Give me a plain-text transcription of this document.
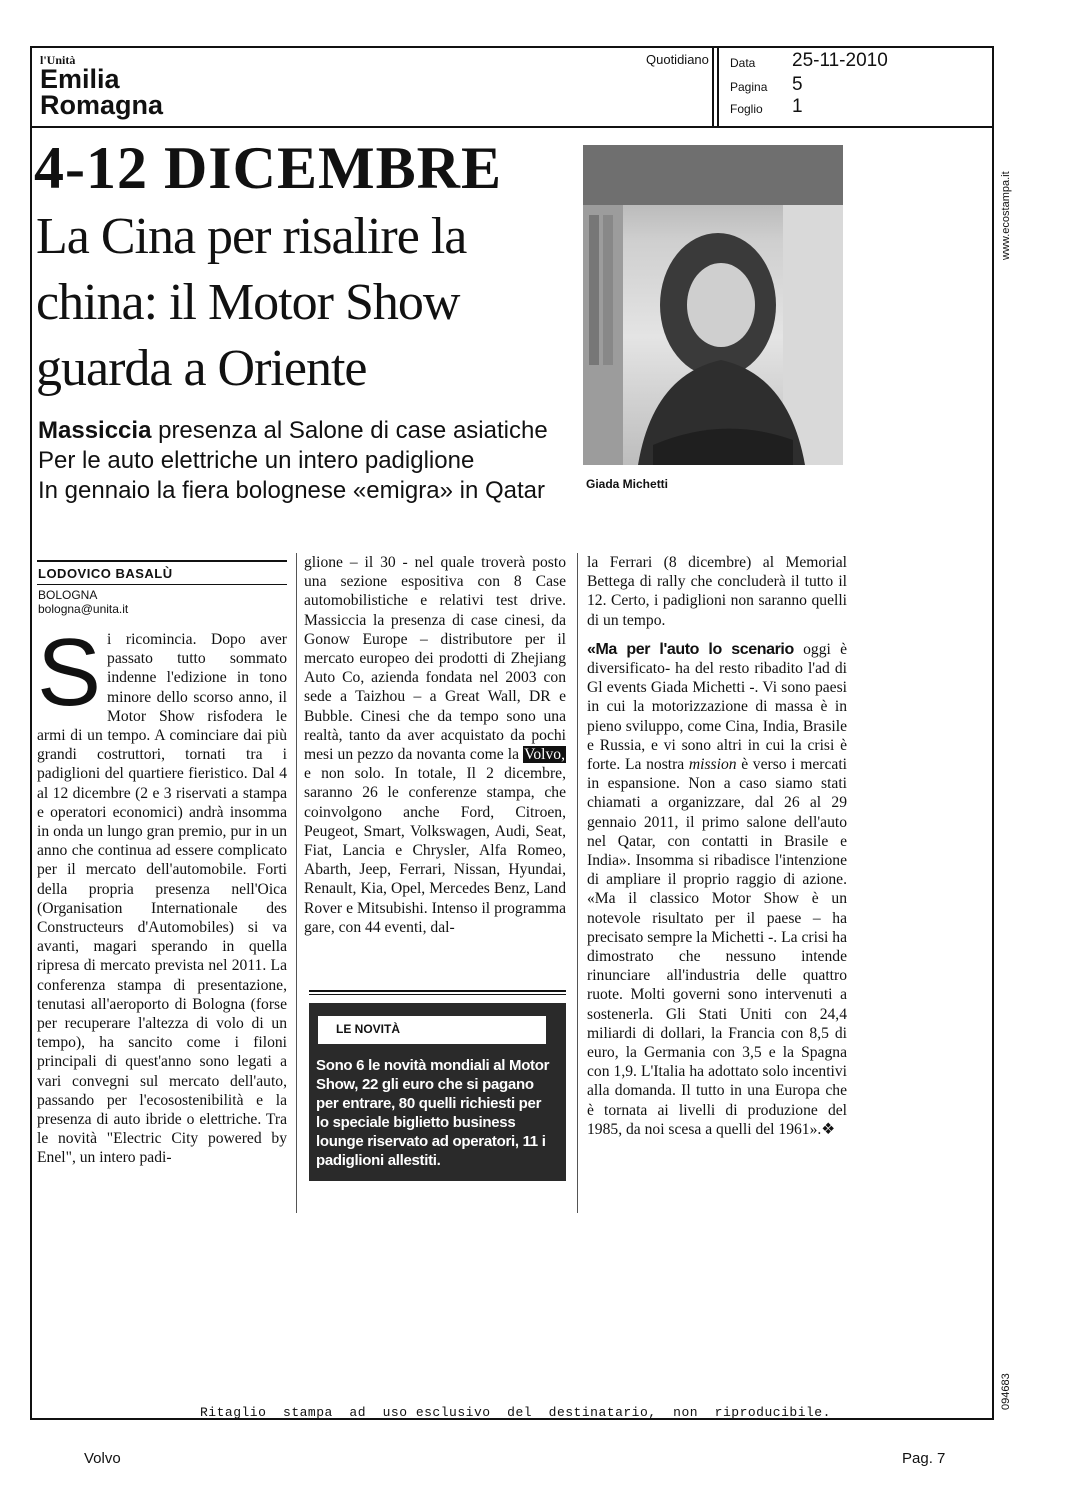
l'Unità
Emilia
Romagna
Quotidiano Data 25-11-2010
Pagina 5
Foglio 1
www.ecostampa.it
094683
4-12 DICEMBRE
La Cina per risalire la china: il Motor Show guarda a Oriente
Massiccia presenza al Salone di case asiatiche
Per le auto elettriche un intero padiglione
In gennaio la fiera bolognese «emigra» in Qatar	Giada Michetti
LODOVICO BASALÙ
BOLOGNA
bologna@unita.it
Si ricomincia. Dopo aver passato tutto sommato indenne l'edizione in tono minore dello scorso anno, il Motor Show risfodera le armi di un tempo. A cominciare dai più grandi costruttori, tornati tra i padiglioni del quartiere fieristico. Dal 4 al 12 dicembre (2 e 3 riservati a stampa e operatori economici) andrà insomma in onda un lungo gran premio, pur in un anno che continua ad essere complicato per il mercato dell'automobile. Forti della propria presenza nell'Oica (Organisation Internationale des Constructeurs d'Automobiles) si va avanti, magari sperando in quella ripresa di mercato prevista nel 2011. La conferenza stampa di presentazione, tenutasi all'aeroporto di Bologna (forse per recuperare l'altezza di volo di un tempo), ha sancito come i filoni principali di quest'anno sono legati a vari convegni sul mercato dell'auto, passando per l'ecosostenibilità e la presenza di auto ibride o elettriche. Tra le novità "Electric City powered by Enel", un intero padi-
glione – il 30 - nel quale troverà posto una sezione espositiva con 8 Case automobilistiche e relativi test drive. Massiccia la presenza di case cinesi, da Gonow Europe – distributore per il mercato europeo dei prodotti di Zhejiang Auto Co, azienda fondata nel 2003 con sede a Taizhou – a Great Wall, DR e Bubble. Cinesi che da tempo sono una realtà, tanto da aver acquistato da pochi mesi un pezzo da novanta come la Volvo, e non solo. In totale, Il 2 dicembre, saranno 26 le conferenze stampa, che coinvolgono anche Ford, Citroen, Peugeot, Smart, Volkswagen, Audi, Seat, Fiat, Lancia e Chrysler, Alfa Romeo, Abarth, Jeep, Ferrari, Nissan, Hyundai, Renault, Kia, Opel, Mercedes Benz, Land Rover e Mitsubishi. Intenso il programma gare, con 44 eventi, dal-
LE NOVITÀ
Sono 6 le novità mondiali al Motor Show, 22 gli euro che si pagano per entrare, 80 quelli richiesti per lo speciale biglietto business lounge riservato ad operatori, 11 i padiglioni allestiti.
la Ferrari (8 dicembre) al Memorial Bettega di rally che concluderà il tutto il 12. Certo, i padiglioni non saranno quelli di un tempo.
«Ma per l'auto lo scenario oggi è diversificato- ha del resto ribadito l'ad di Gl events Giada Michetti -. Vi sono paesi in cui la motorizzazione di massa è in pieno sviluppo, come Cina, India, Brasile e Russia, e vi sono altri in cui la crisi è forte. La nostra mission è verso i mercati in espansione. Non a caso siamo stati chiamati a organizzare, dal 26 al 29 gennaio 2011, il primo salone dell'auto nel Qatar, con contatti in Brasile e India». Insomma si ribadisce l'intenzione di ampliare il proprio raggio di azione. «Ma il classico Motor Show è un notevole risultato per il paese – ha precisato sempre la Michetti -. La crisi ha dimostrato che nessuno intende rinunciare all'industria delle quattro ruote. Molti governi sono intervenuti a sostenerla. Gli Stati Uniti con 24,4 miliardi di dollari, la Francia con 8,5 di euro, la Germania con 3,5 e la Spagna con 1,9. L'Italia ha adottato solo incentivi alla domanda. Il tutto in una Europa che è tornata ai livelli di produzione del 1985, da noi scesa a quelli del 1961».❖
Ritaglio  stampa  ad  uso esclusivo  del  destinatario,  non  riproducibile.
Volvo	Pag. 7
